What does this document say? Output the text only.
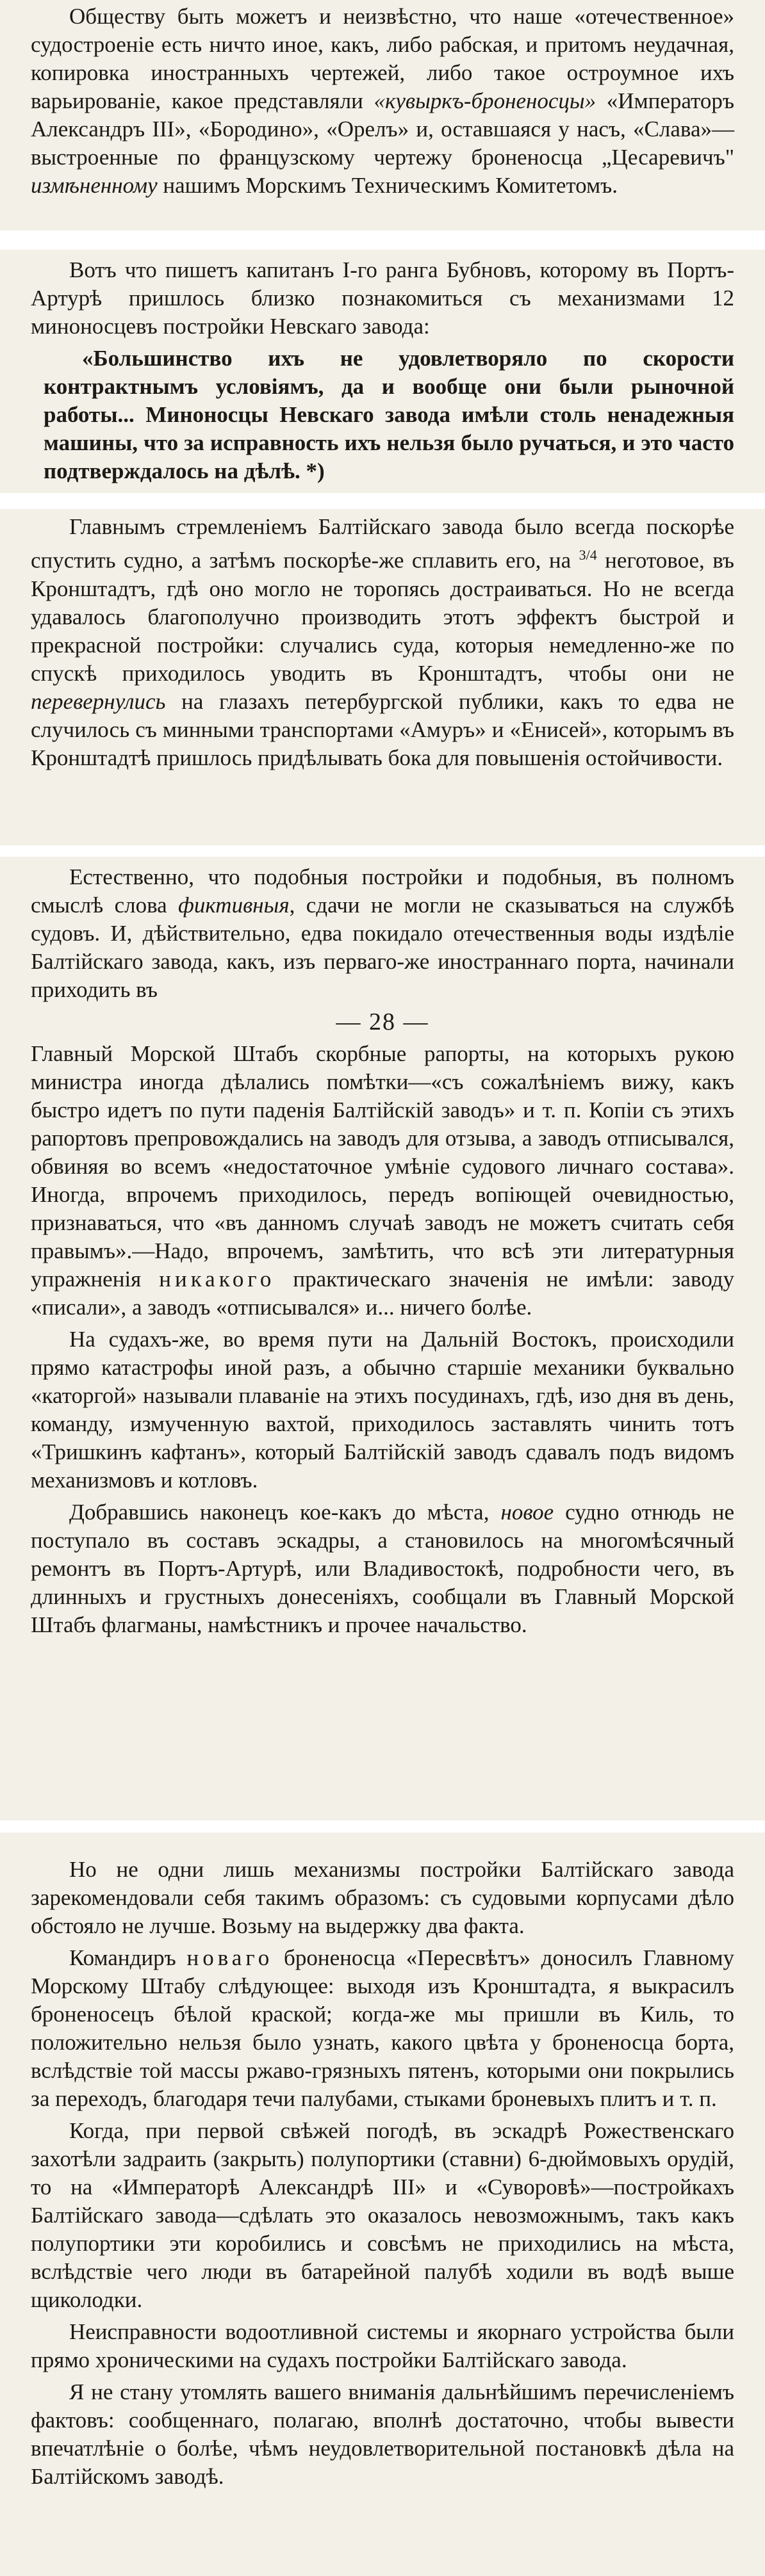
Обществу быть можетъ и неизвѣстно, что наше «отечественное» судостроеніе есть ничто иное, какъ, либо рабская, и притомъ неудачная, копировка иностранныхъ чертежей, либо такое остроумное ихъ варьированіе, какое представляли «кувыркъ-броненосцы» «Императоръ Александръ III», «Бородино», «Орелъ» и, оставшаяся у насъ, «Слава»—выстроенные по французскому чертежу броненосца „Цесаревичъ" измѣненному нашимъ Морскимъ Техническимъ Комитетомъ.

Вотъ что пишетъ капитанъ I-го ранга Бубновъ, которому въ Портъ-Артурѣ пришлось близко познакомиться съ механизмами 12 миноносцевъ постройки Невскаго завода:

«Большинство ихъ не удовлетворяло по скорости контрактнымъ условіямъ, да и вообще они были рыночной работы... Миноносцы Невскаго завода имѣли столь ненадежныя машины, что за исправность ихъ нельзя было ручаться, и это часто подтверждалось на дѣлѣ. *)

Главнымъ стремленіемъ Балтійскаго завода было всегда поскорѣе спустить судно, а затѣмъ поскорѣе-же сплавить его, на $^{3/4}$ неготовое, въ Кронштадтъ, гдѣ оно могло не торопясь достраиваться. Но не всегда удавалось благополучно производить этотъ эффектъ быстрой и прекрасной постройки: случались суда, которыя немедленно-же по спускѣ приходилось уводить въ Кронштадтъ, чтобы они не перевернулись на глазахъ петербургской публики, какъ то едва не случилось съ минными транспортами «Амуръ» и «Енисей», которымъ въ Кронштадтѣ пришлось придѣлывать бока для повышенія остойчивости.

Естественно, что подобныя постройки и подобныя, въ полномъ смыслѣ слова фиктивныя, сдачи не могли не сказываться на службѣ судовъ. И, дѣйствительно, едва покидало отечественныя воды издѣліе Балтійскаго завода, какъ, изъ перваго-же иностраннаго порта, начинали приходить въ

— 28 —

Главный Морской Штабъ скорбные рапорты, на которыхъ рукою министра иногда дѣлались помѣтки—«съ сожалѣніемъ вижу, какъ быстро идетъ по пути паденія Балтійскій заводъ» и т. п. Копіи съ этихъ рапортовъ препровождались на заводъ для отзыва, а заводъ отписывался, обвиняя во всемъ «недостаточное умѣніе судового личнаго состава». Иногда, впрочемъ приходилось, передъ вопіющей очевидностью, признаваться, что «въ данномъ случаѣ заводъ не можетъ считать себя правымъ».—Надо, впрочемъ, замѣтить, что всѣ эти литературныя упражненія никакого практическаго значенія не имѣли: заводу «писали», а заводъ «отписывался» и... ничего болѣе.

На судахъ-же, во время пути на Дальній Востокъ, происходили прямо катастрофы иной разъ, а обычно старшіе механики буквально «каторгой» называли плаваніе на этихъ посудинахъ, гдѣ, изо дня въ день, команду, измученную вахтой, приходилось заставлять чинить тотъ «Тришкинъ кафтанъ», который Балтійскій заводъ сдавалъ подъ видомъ механизмовъ и котловъ.

Добравшись наконецъ кое-какъ до мѣста, новое судно отнюдь не поступало въ составъ эскадры, а становилось на многомѣсячный ремонтъ въ Портъ-Артурѣ, или Владивостокѣ, подробности чего, въ длинныхъ и грустныхъ донесеніяхъ, сообщали въ Главный Морской Штабъ флагманы, намѣстникъ и прочее начальство.

Но не одни лишь механизмы постройки Балтійскаго завода зарекомендовали себя такимъ образомъ: съ судовыми корпусами дѣло обстояло не лучше. Возьму на выдержку два факта.

Командиръ новаго броненосца «Пересвѣтъ» доносилъ Главному Морскому Штабу слѣдующее: выходя изъ Кронштадта, я выкрасилъ броненосецъ бѣлой краской; когда-же мы пришли въ Киль, то положительно нельзя было узнать, какого цвѣта у броненосца борта, вслѣдствіе той массы ржаво-грязныхъ пятенъ, которыми они покрылись за переходъ, благодаря течи палубами, стыками броневыхъ плитъ и т. п.

Когда, при первой свѣжей погодѣ, въ эскадрѣ Рожественскаго захотѣли задраить (закрыть) полупортики (ставни) 6-дюймовыхъ орудій, то на «Императорѣ Александрѣ III» и «Суворовѣ»—постройкахъ Балтійскаго завода—сдѣлать это оказалось невозможнымъ, такъ какъ полупортики эти коробились и совсѣмъ не приходились на мѣста, вслѣдствіе чего люди въ батарейной палубѣ ходили въ водѣ выше щиколодки.

Неисправности водоотливной системы и якорнаго устройства были прямо хроническими на судахъ постройки Балтійскаго завода.

Я не стану утомлять вашего вниманія дальнѣйшимъ перечисленіемъ фактовъ: сообщеннаго, полагаю, вполнѣ достаточно, чтобы вывести впечатлѣніе о болѣе, чѣмъ неудовлетворительной постановкѣ дѣла на Балтійскомъ заводѣ.
